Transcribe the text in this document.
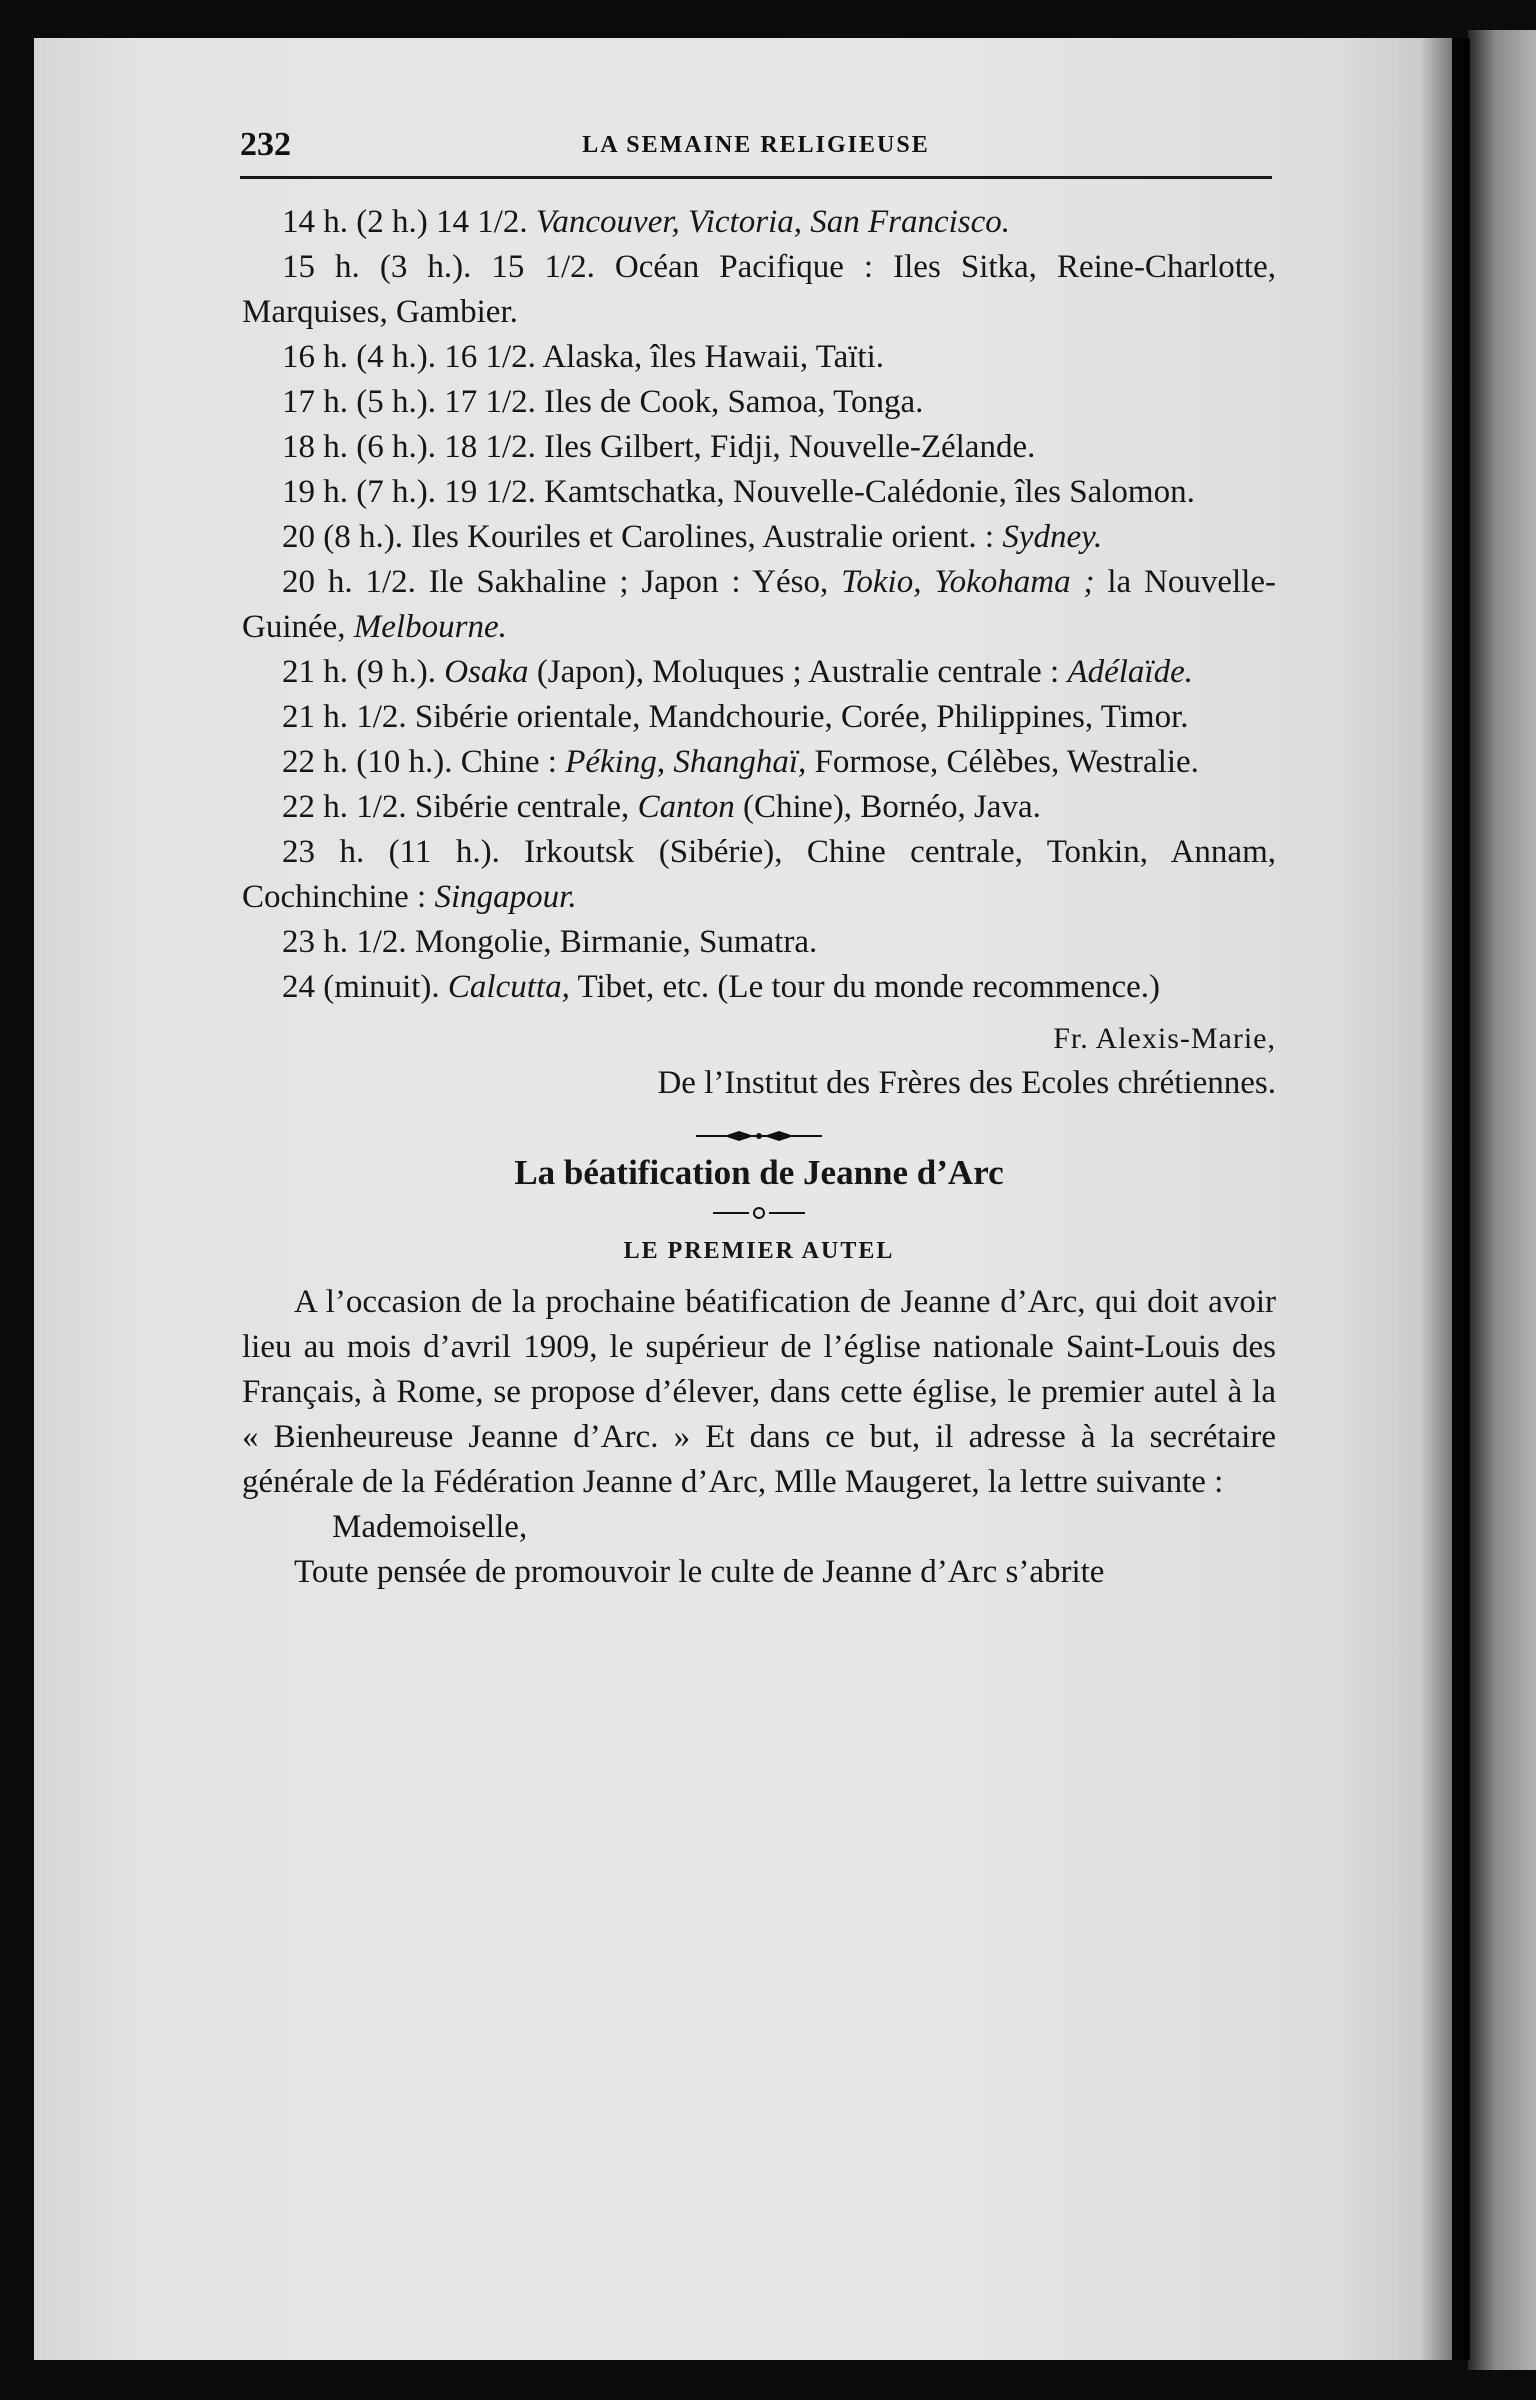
232	LA SEMAINE RELIGIEUSE

14 h. (2 h.) 14 1/2. Vancouver, Victoria, San Francisco.

15 h. (3 h.). 15 1/2. Océan Pacifique : Iles Sitka, Reine-Charlotte, Marquises, Gambier.

16 h. (4 h.). 16 1/2. Alaska, îles Hawaii, Taïti.

17 h. (5 h.). 17 1/2. Iles de Cook, Samoa, Tonga.

18 h. (6 h.). 18 1/2. Iles Gilbert, Fidji, Nouvelle-Zélande.

19 h. (7 h.). 19 1/2. Kamtschatka, Nouvelle-Calédonie, îles Salomon.

20 (8 h.). Iles Kouriles et Carolines, Australie orient. : Sydney.

20 h. 1/2. Ile Sakhaline ; Japon : Yéso, Tokio, Yokohama ; la Nouvelle-Guinée, Melbourne.

21 h. (9 h.). Osaka (Japon), Moluques ; Australie centrale : Adélaïde.

21 h. 1/2. Sibérie orientale, Mandchourie, Corée, Philippines, Timor.

22 h. (10 h.). Chine : Péking, Shanghaï, Formose, Célèbes, Westralie.

22 h. 1/2. Sibérie centrale, Canton (Chine), Bornéo, Java.

23 h. (11 h.). Irkoutsk (Sibérie), Chine centrale, Tonkin, Annam, Cochinchine : Singapour.

23 h. 1/2. Mongolie, Birmanie, Sumatra.

24 (minuit). Calcutta, Tibet, etc. (Le tour du monde recommence.)

Fr. Alexis-Marie,

De l’Institut des Frères des Ecoles chrétiennes.

La béatification de Jeanne d’Arc

LE PREMIER AUTEL

A l’occasion de la prochaine béatification de Jeanne d’Arc, qui doit avoir lieu au mois d’avril 1909, le supérieur de l’église nationale Saint-Louis des Français, à Rome, se propose d’élever, dans cette église, le premier autel à la « Bienheureuse Jeanne d’Arc. » Et dans ce but, il adresse à la secrétaire générale de la Fédération Jeanne d’Arc, Mlle Maugeret, la lettre suivante :

Mademoiselle,

Toute pensée de promouvoir le culte de Jeanne d’Arc s’abrite
